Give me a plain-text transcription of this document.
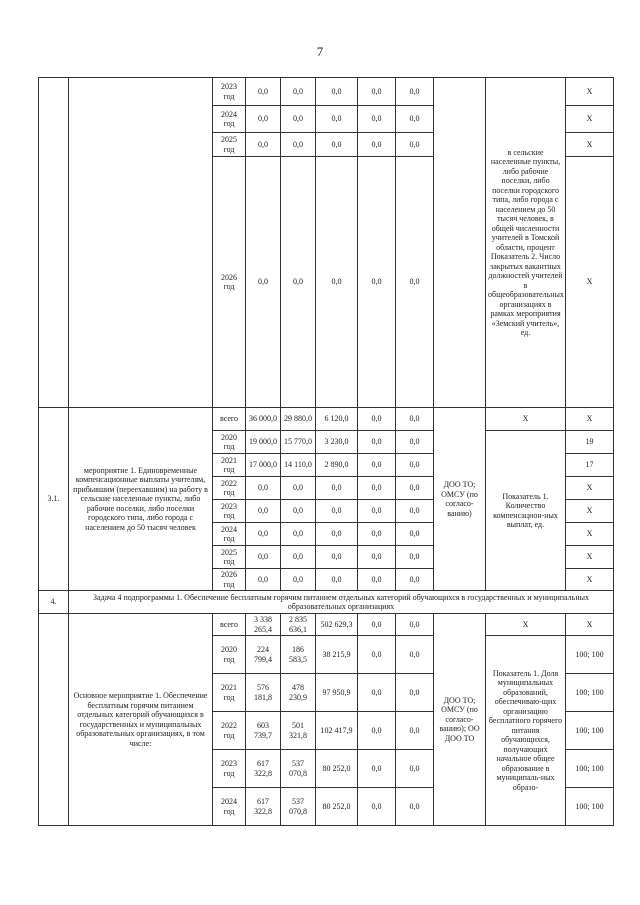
7
		2023 год	0,0	0,0	0,0	0,0	0,0		в сельские населенные пункты, либо рабочие поселки, либо поселки городского типа, либо города с населением до 50 тысяч человек, в общей численности учителей в Томской области, процент Показатель 2. Число закрытых вакантных должностей учителей в общеобразовательных организациях в рамках мероприятия «Земский учитель», ед.	X
		2024 год	0,0	0,0	0,0	0,0	0,0			X
		2025 год	0,0	0,0	0,0	0,0	0,0			X
		2026 год	0,0	0,0	0,0	0,0	0,0			X
3.1.	мероприятие 1. Единовременные компенсационные выплаты учителям, прибывшим (переехавшим) на работу в сельские населенные пункты, либо рабочие поселки, либо поселки городского типа, либо города с населением до 50 тысяч человек	всего	36 000,0	29 880,0	6 120,0	0,0	0,0	ДОО ТО; ОМСУ (по согласо-ванию)	X	X
		2020 год	19 000,0	15 770,0	3 230,0	0,0	0,0		Показатель 1. Количество компенсацион-ных выплат, ед.	19
		2021 год	17 000,0	14 110,0	2 890,0	0,0	0,0			17
		2022 год	0,0	0,0	0,0	0,0	0,0			X
		2023 год	0,0	0,0	0,0	0,0	0,0			X
		2024 год	0,0	0,0	0,0	0,0	0,0			X
		2025 год	0,0	0,0	0,0	0,0	0,0			X
		2026 год	0,0	0,0	0,0	0,0	0,0			X
4.	Задача 4 подпрограммы 1. Обеспечение бесплатным горячим питанием отдельных категорий обучающихся в государственных и муниципальных образовательных организациях									
	Основное мероприятие 1. Обеспечение бесплатным горячим питанием отдельных категорий обучающихся в государственных и муниципальных образовательных организациях, в том числе:	всего	3 338 265,4	2 835 636,1	502 629,3	0,0	0,0	ДОО ТО; ОМСУ (по согласо-ванию); ОО ДОО ТО	X	X
		2020 год	224 799,4	186 583,5	38 215,9	0,0	0,0		Показатель 1. Доля муниципальных образований, обеспечиваю-щих организацию бесплатного горячего питания обучающихся, получающих начальное общее образование в муниципаль-ных образо-	100; 100
		2021 год	576 181,8	478 230,9	97 950,9	0,0	0,0			100; 100
		2022 год	603 739,7	501 321,8	102 417,9	0,0	0,0			100; 100
		2023 год	617 322,8	537 070,8	80 252,0	0,0	0,0			100; 100
		2024 год	617 322,8	537 070,8	80 252,0	0,0	0,0			100; 100
